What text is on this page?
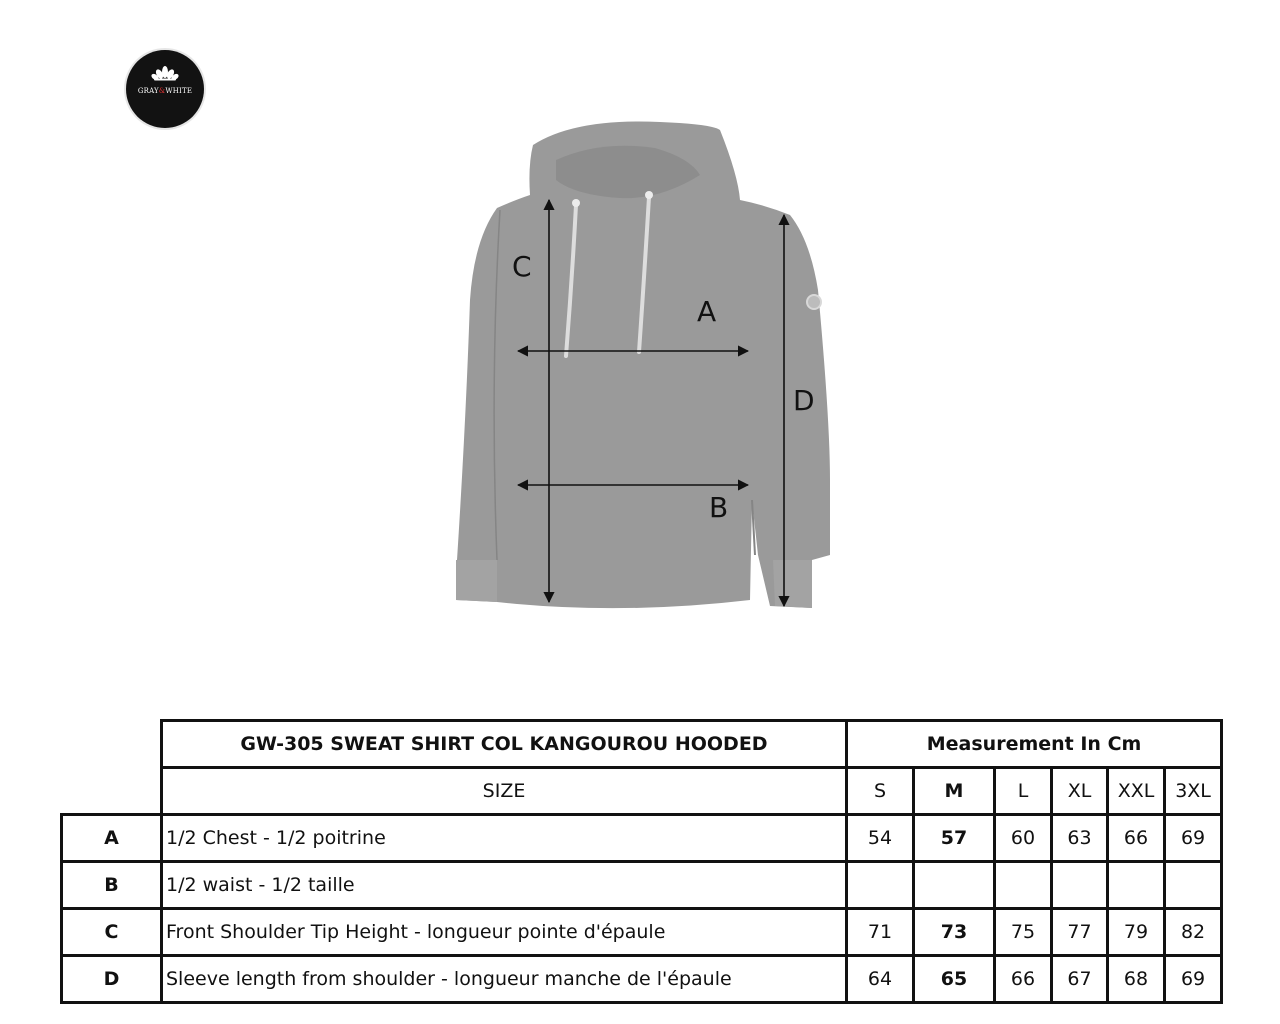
GRAY&WHITE
C
A
D
B
	GW-305 SWEAT SHIRT COL KANGOUROU HOODED	Measurement In Cm					
	SIZE	S	M	L	XL	XXL	3XL
A	1/2 Chest - 1/2 poitrine	54	57	60	63	66	69
B	1/2 waist - 1/2 taille						
C	Front Shoulder Tip Height - longueur pointe d'épaule	71	73	75	77	79	82
D	Sleeve length from shoulder - longueur manche de l'épaule	64	65	66	67	68	69
